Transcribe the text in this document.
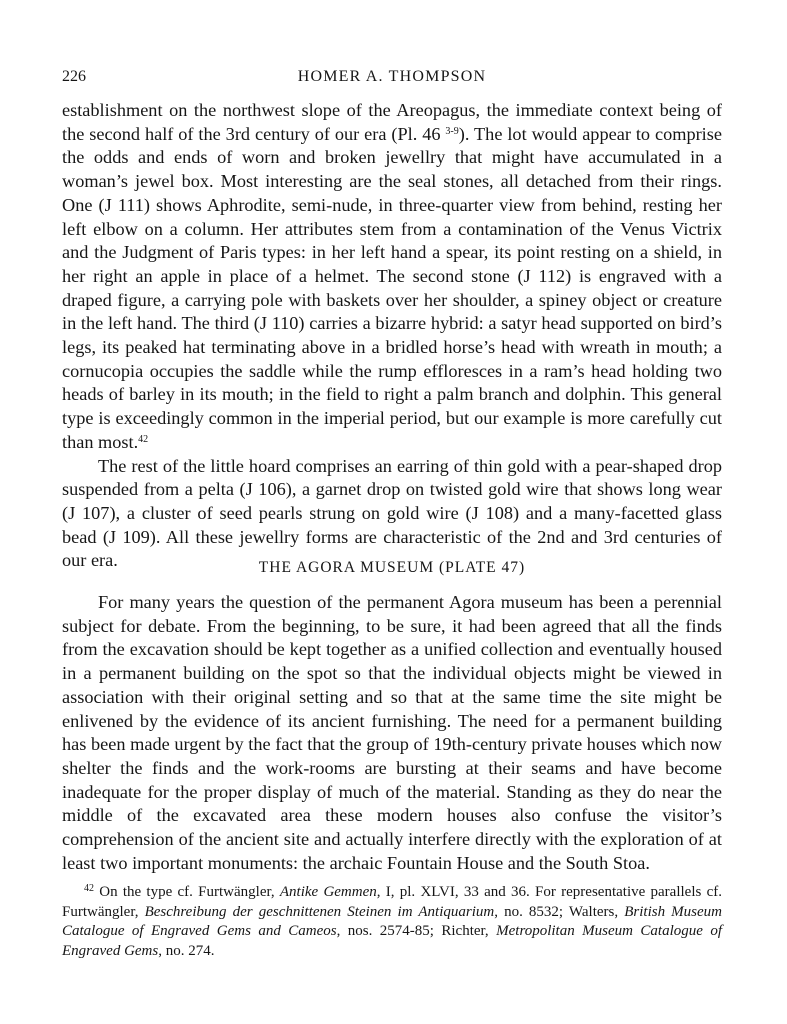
226	HOMER A. THOMPSON

establishment on the northwest slope of the Areopagus, the immediate context being of the second half of the 3rd century of our era (Pl. 46 $^{3-9}$). The lot would appear to comprise the odds and ends of worn and broken jewellry that might have accumulated in a woman’s jewel box. Most interesting are the seal stones, all detached from their rings. One (J 111) shows Aphrodite, semi-nude, in three-quarter view from behind, resting her left elbow on a column. Her attributes stem from a contamination of the Venus Victrix and the Judgment of Paris types: in her left hand a spear, its point resting on a shield, in her right an apple in place of a helmet. The second stone (J 112) is engraved with a draped figure, a carrying pole with baskets over her shoulder, a spiney object or creature in the left hand. The third (J 110) carries a bizarre hybrid: a satyr head supported on bird’s legs, its peaked hat terminating above in a bridled horse’s head with wreath in mouth; a cornucopia occupies the saddle while the rump effloresces in a ram’s head holding two heads of barley in its mouth; in the field to right a palm branch and dolphin. This general type is exceedingly common in the imperial period, but our example is more carefully cut than most.$^{42}$

The rest of the little hoard comprises an earring of thin gold with a pear-shaped drop suspended from a pelta (J 106), a garnet drop on twisted gold wire that shows long wear (J 107), a cluster of seed pearls strung on gold wire (J 108) and a many-facetted glass bead (J 109). All these jewellry forms are characteristic of the 2nd and 3rd centuries of our era.	THE AGORA MUSEUM (PLATE 47)

For many years the question of the permanent Agora museum has been a perennial subject for debate. From the beginning, to be sure, it had been agreed that all the finds from the excavation should be kept together as a unified collection and eventually housed in a permanent building on the spot so that the individual objects might be viewed in association with their original setting and so that at the same time the site might be enlivened by the evidence of its ancient furnishing. The need for a permanent building has been made urgent by the fact that the group of 19th-century private houses which now shelter the finds and the work-rooms are bursting at their seams and have become inadequate for the proper display of much of the material. Standing as they do near the middle of the excavated area these modern houses also confuse the visitor’s comprehension of the ancient site and actually interfere directly with the exploration of at least two important monuments: the archaic Fountain House and the South Stoa.

$^{42}$ On the type cf. Furtwängler, Antike Gemmen, I, pl. XLVI, 33 and 36. For representative parallels cf. Furtwängler, Beschreibung der geschnittenen Steinen im Antiquarium, no. 8532; Walters, British Museum Catalogue of Engraved Gems and Cameos, nos. 2574-85; Richter, Metropolitan Museum Catalogue of Engraved Gems, no. 274.
